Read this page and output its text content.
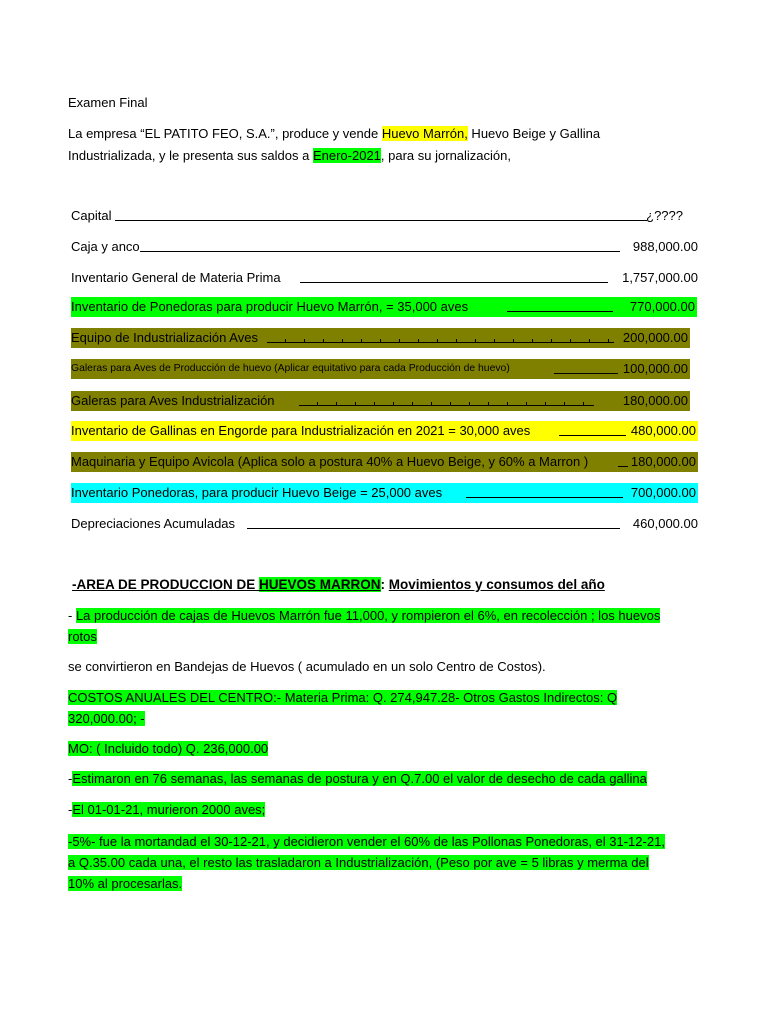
Examen Final
La empresa “EL PATITO FEO, S.A.”, produce y vende Huevo Marrón, Huevo Beige y Gallina
Industrializada, y le presenta sus saldos a Enero-2021, para su jornalización,
Capital	¿????
Caja y anco	988,000.00
Inventario General de Materia Prima	1,757,000.00
Inventario de Ponedoras para producir Huevo Marrón, = 35,000 aves	770,000.00
Equipo de Industrialización Aves	200,000.00
Galeras para Aves de Producción de huevo (Aplicar equitativo para cada Producción de huevo)	100,000.00
Galeras para Aves Industrialización	180,000.00
Inventario de Gallinas en Engorde para Industrialización en 2021 = 30,000 aves	480,000.00
Maquinaria y Equipo Avicola (Aplica solo a postura 40% a Huevo Beige, y 60% a Marron )	180,000.00
Inventario Ponedoras, para producir Huevo Beige = 25,000 aves	700,000.00
Depreciaciones Acumuladas	460,000.00
-AREA DE PRODUCCION DE HUEVOS MARRON: Movimientos y consumos del año
- La producción de cajas de Huevos Marrón fue 11,000, y rompieron el 6%, en recolección ; los huevos
rotos
se convirtieron en Bandejas de Huevos ( acumulado en un solo Centro de Costos).
COSTOS ANUALES DEL CENTRO:- Materia Prima: Q. 274,947.28- Otros Gastos Indirectos: Q
320,000.00; -
MO: ( Incluido todo) Q. 236,000.00
-Estimaron en 76 semanas, las semanas de postura y en Q.7.00 el valor de desecho de cada gallina
-El 01-01-21, murieron 2000 aves;
-5%- fue la mortandad el 30-12-21, y decidieron vender el 60% de las Pollonas Ponedoras, el 31-12-21,
a Q.35.00 cada una, el resto las trasladaron a Industrialización, (Peso por ave = 5 libras y merma del
10% al procesarlas.
